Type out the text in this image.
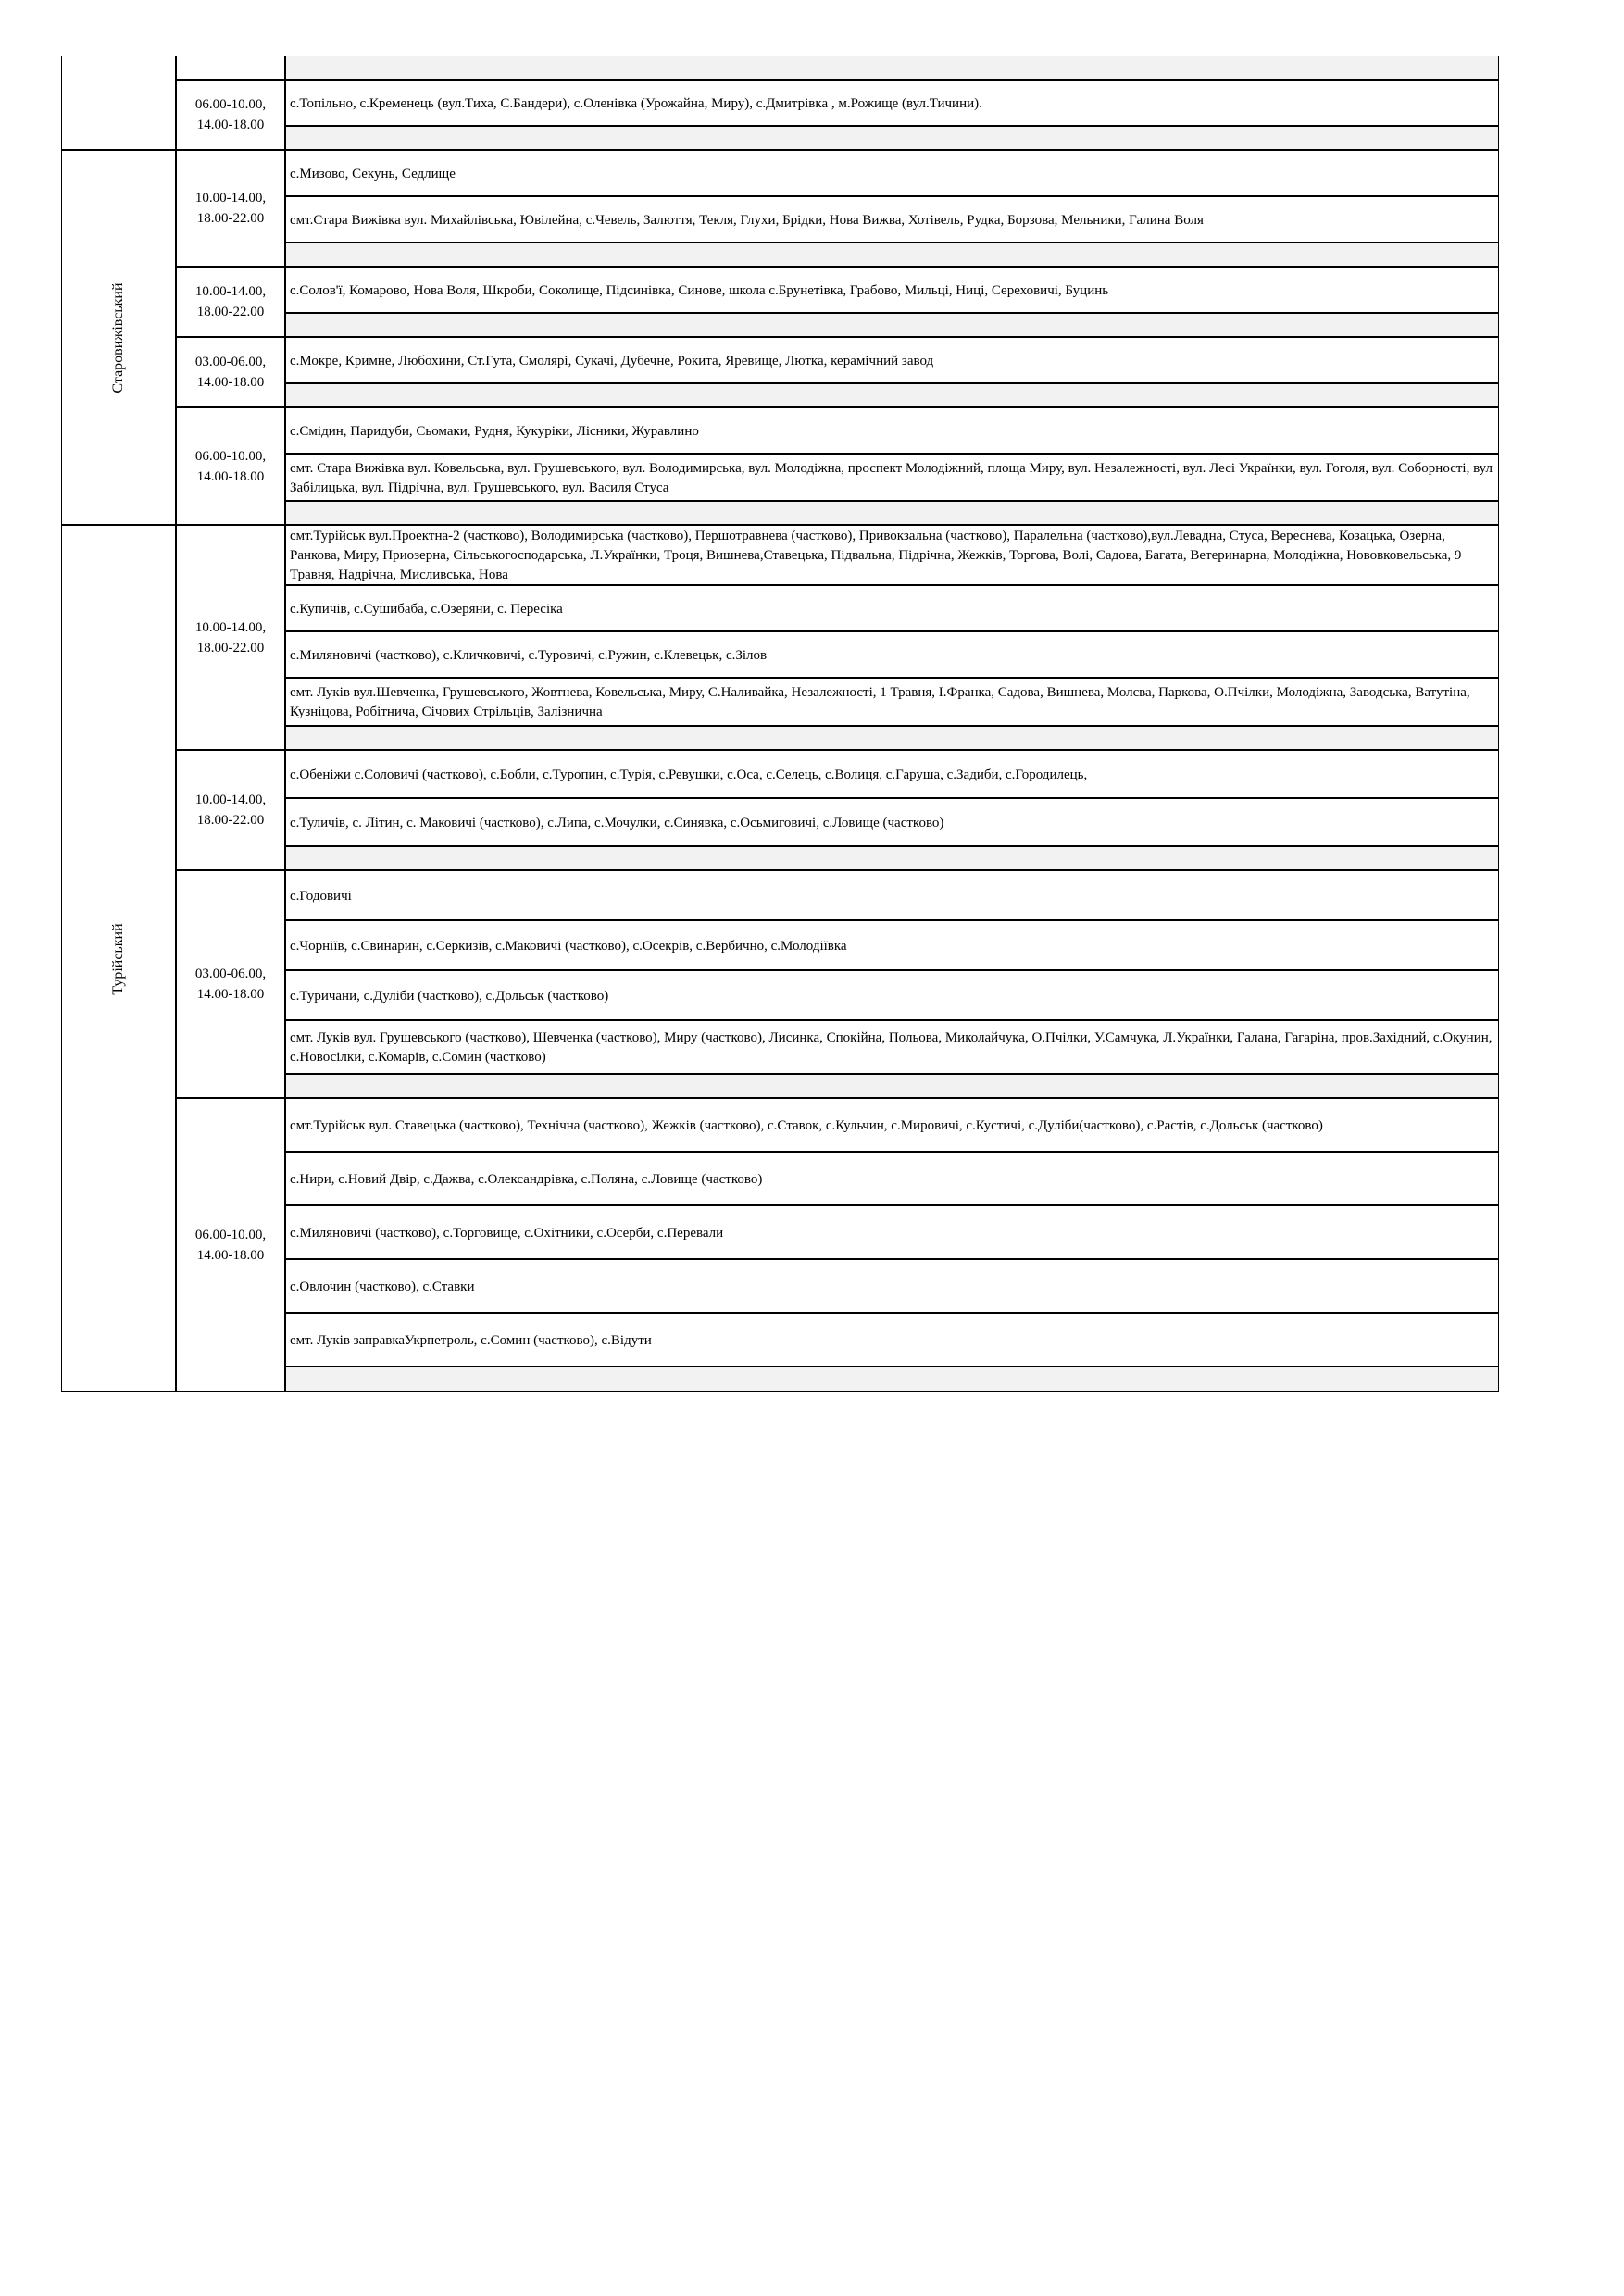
с.Топільно, с.Кременець (вул.Тиха, С.Бандери), с.Оленівка (Урожайна, Миру), с.Дмитрівка , м.Рожище (вул.Тичини).
06.00-10.00,
14.00-18.00
с.Мизово, Секунь, Седлище
смт.Стара Вижівка вул. Михайлівська, Ювілейна, с.Чевель, Залюття, Текля, Глухи, Брідки, Нова Вижва, Хотівель, Рудка, Борзова, Мельники, Галина Воля
10.00-14.00,
18.00-22.00
с.Солов'ї, Комарово, Нова Воля, Шкроби, Соколище, Підсинівка, Синове, школа с.Брунетівка, Грабово, Мильці, Ниці, Сереховичі, Буцинь
10.00-14.00,
18.00-22.00
с.Мокре, Кримне, Любохини, Ст.Гута, Смолярі, Сукачі, Дубечне, Рокита, Яревище, Лютка, керамічний завод
03.00-06.00,
14.00-18.00
с.Смідин, Паридуби, Сьомаки, Рудня, Кукуріки, Лісники, Журавлино
смт. Стара Вижівка вул. Ковельська, вул. Грушевського, вул. Володимирська, вул. Молодіжна, проспект Молодіжний, площа Миру, вул. Незалежності, вул. Лесі Українки, вул. Гоголя, вул. Соборності, вул Забілицька, вул. Підрічна, вул. Грушевського, вул. Василя Стуса
06.00-10.00,
14.00-18.00
Старовижівський
смт.Турійськ вул.Проектна-2 (частково), Володимирська (частково), Першотравнева (частково), Привокзальна (частково), Паралельна (частково),вул.Левадна, Стуса, Вереснева, Козацька, Озерна, Ранкова, Миру, Приозерна, Сільськогосподарська, Л.Українки, Троця, Вишнева,Ставецька, Підвальна, Підрічна, Жежків, Торгова, Волі, Садова, Багата, Ветеринарна, Молодіжна, Нововковельська, 9 Травня, Надрічна, Мисливська, Нова
с.Купичів, с.Сушибаба, с.Озеряни, с. Пересіка
с.Миляновичі (частково), с.Кличковичі, с.Туровичі, с.Ружин, с.Клевецьк, с.Зілов
смт. Луків вул.Шевченка, Грушевського, Жовтнева, Ковельська, Миру, С.Наливайка, Незалежності, 1 Травня, І.Франка, Садова, Вишнева, Молєва, Паркова, О.Пчілки, Молодіжна, Заводська, Ватутіна, Кузніцова, Робітнича, Січових Стрільців, Залізнична
10.00-14.00,
18.00-22.00
с.Обеніжи с.Соловичі (частково), с.Бобли, с.Туропин, с.Турія, с.Ревушки, с.Оса, с.Селець, с.Волиця, с.Гаруша, с.Задиби, с.Городилець,
с.Туличів, с. Літин, с. Маковичі (частково), с.Липа, с.Мочулки, с.Синявка, с.Осьмиговичі, с.Ловище (частково)
10.00-14.00,
18.00-22.00
с.Годовичі
с.Чорніїв, с.Свинарин, с.Серкизів, с.Маковичі (частково), с.Осекрів, с.Вербично, с.Молодіївка
с.Туричани, с.Дуліби (частково), с.Дольськ (частково)
смт. Луків вул. Грушевського (частково), Шевченка (частково), Миру (частково), Лисинка, Спокійна, Польова, Миколайчука, О.Пчілки, У.Самчука, Л.Українки, Галана, Гагаріна, пров.Західний, с.Окунин, с.Новосілки, с.Комарів, с.Сомин (частково)
03.00-06.00,
14.00-18.00
смт.Турійськ вул. Ставецька (частково), Технічна (частково), Жежків (частково), с.Ставок, с.Кульчин, с.Мировичі, с.Кустичі, с.Дуліби(частково), с.Растів, с.Дольськ (частково)
с.Нири, с.Новий Двір, с.Дажва, с.Олександрівка, с.Поляна, с.Ловище (частково)
с.Миляновичі (частково), с.Торговище, с.Охітники, с.Осерби, с.Перевали
с.Овлочин (частково), с.Ставки
смт. Луків заправкаУкрпетроль, с.Сомин (частково), с.Відути
06.00-10.00,
14.00-18.00
Турійський
